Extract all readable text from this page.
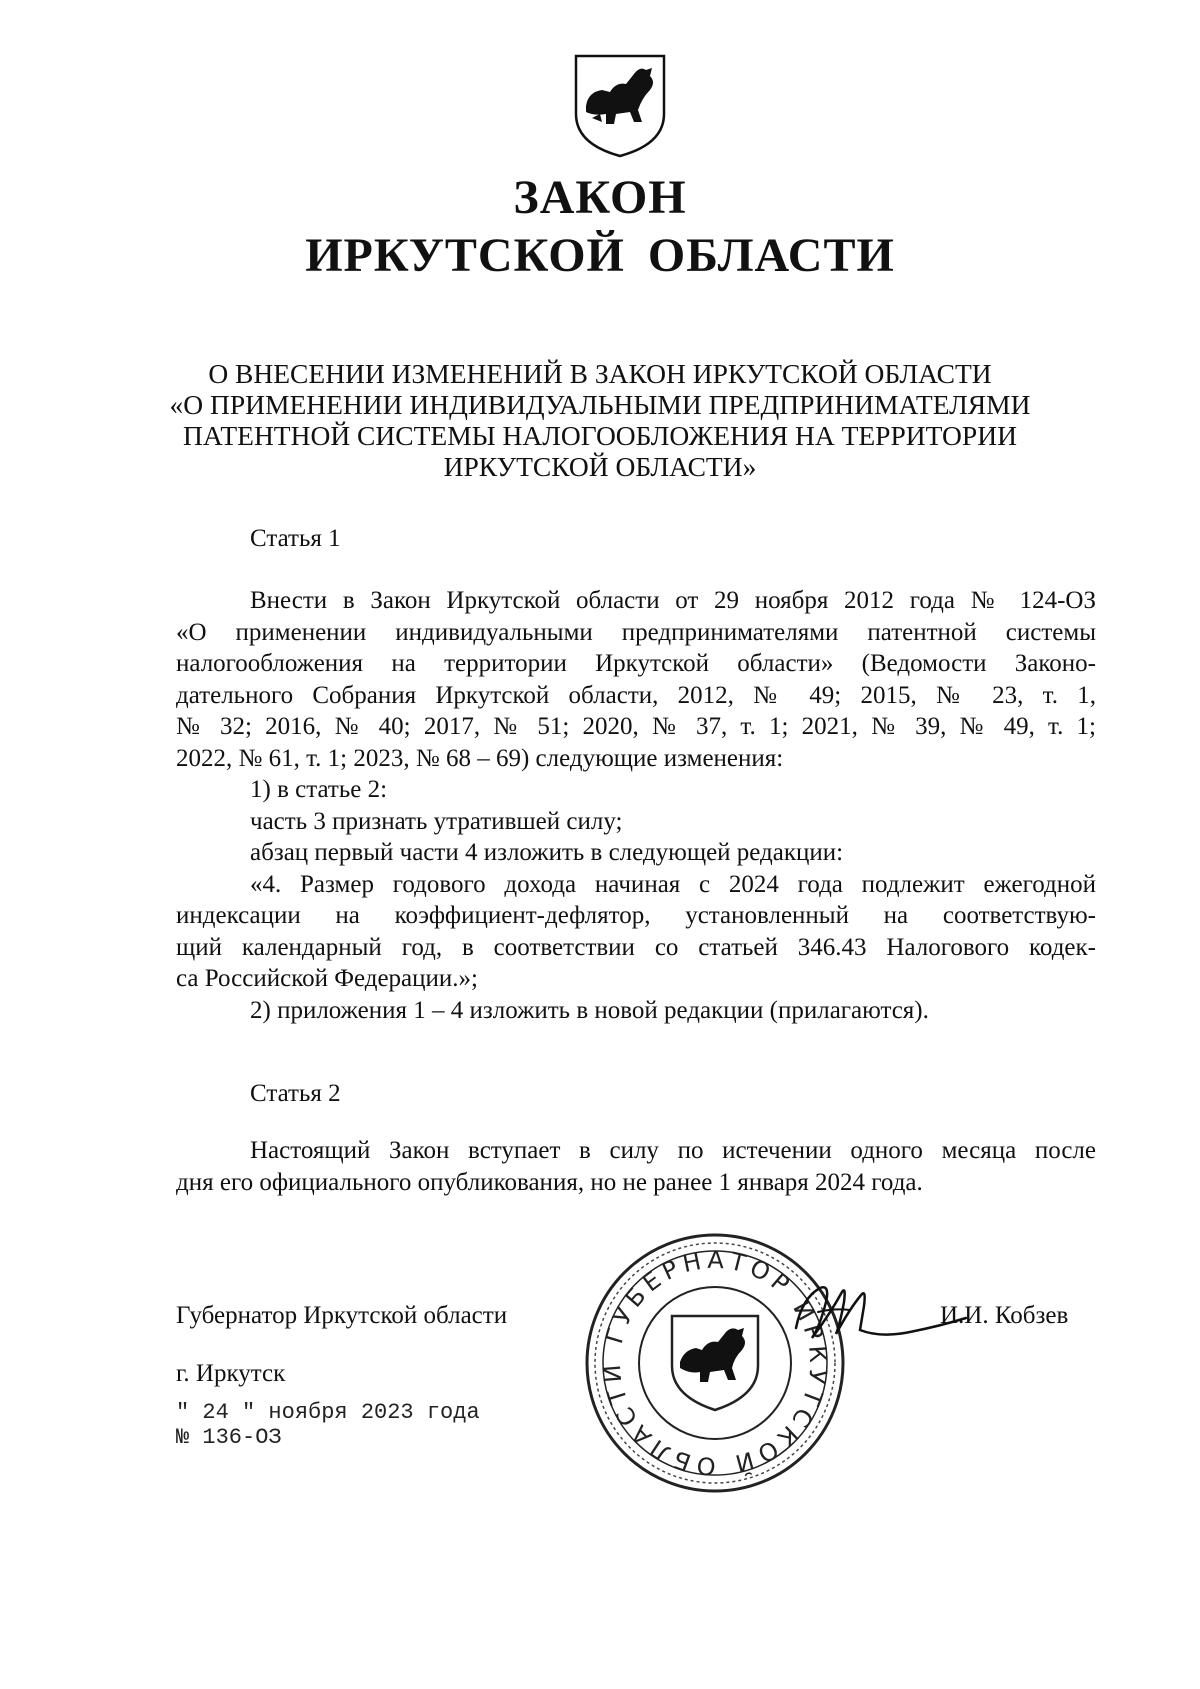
ЗАКОН
ИРКУТСКОЙ ОБЛАСТИ
О ВНЕСЕНИИ ИЗМЕНЕНИЙ В ЗАКОН ИРКУТСКОЙ ОБЛАСТИ
«О ПРИМЕНЕНИИ ИНДИВИДУАЛЬНЫМИ ПРЕДПРИНИМАТЕЛЯМИ
ПАТЕНТНОЙ СИСТЕМЫ НАЛОГООБЛОЖЕНИЯ НА ТЕРРИТОРИИ
ИРКУТСКОЙ ОБЛАСТИ»
Статья 1
Внести в Закон Иркутской области от 29 ноября 2012 года № 124-ОЗ
«О применении индивидуальными предпринимателями патентной системы
налогообложения на территории Иркутской области» (Ведомости Законо-
дательного Собрания Иркутской области, 2012, № 49; 2015, № 23, т. 1,
№ 32; 2016, № 40; 2017, № 51; 2020, № 37, т. 1; 2021, № 39, № 49, т. 1;
2022, № 61, т. 1; 2023, № 68 – 69) следующие изменения:
1) в статье 2:
часть 3 признать утратившей силу;
абзац первый части 4 изложить в следующей редакции:
«4. Размер годового дохода начиная с 2024 года подлежит ежегодной
индексации на коэффициент-дефлятор, установленный на соответствую-
щий календарный год, в соответствии со статьей 346.43 Налогового кодек-
са Российской Федерации.»;
2) приложения 1 – 4 изложить в новой редакции (прилагаются).
Статья 2
Настоящий Закон вступает в силу по истечении одного месяца после
дня его официального опубликования, но не ранее 1 января 2024 года.
Губернатор Иркутской области
ГУБЕРНАТОР ИРКУТСКОЙ ОБЛАСТИ
И.И. Кобзев
г. Иркутск
" 24 " ноября 2023 года
№ 136-ОЗ
